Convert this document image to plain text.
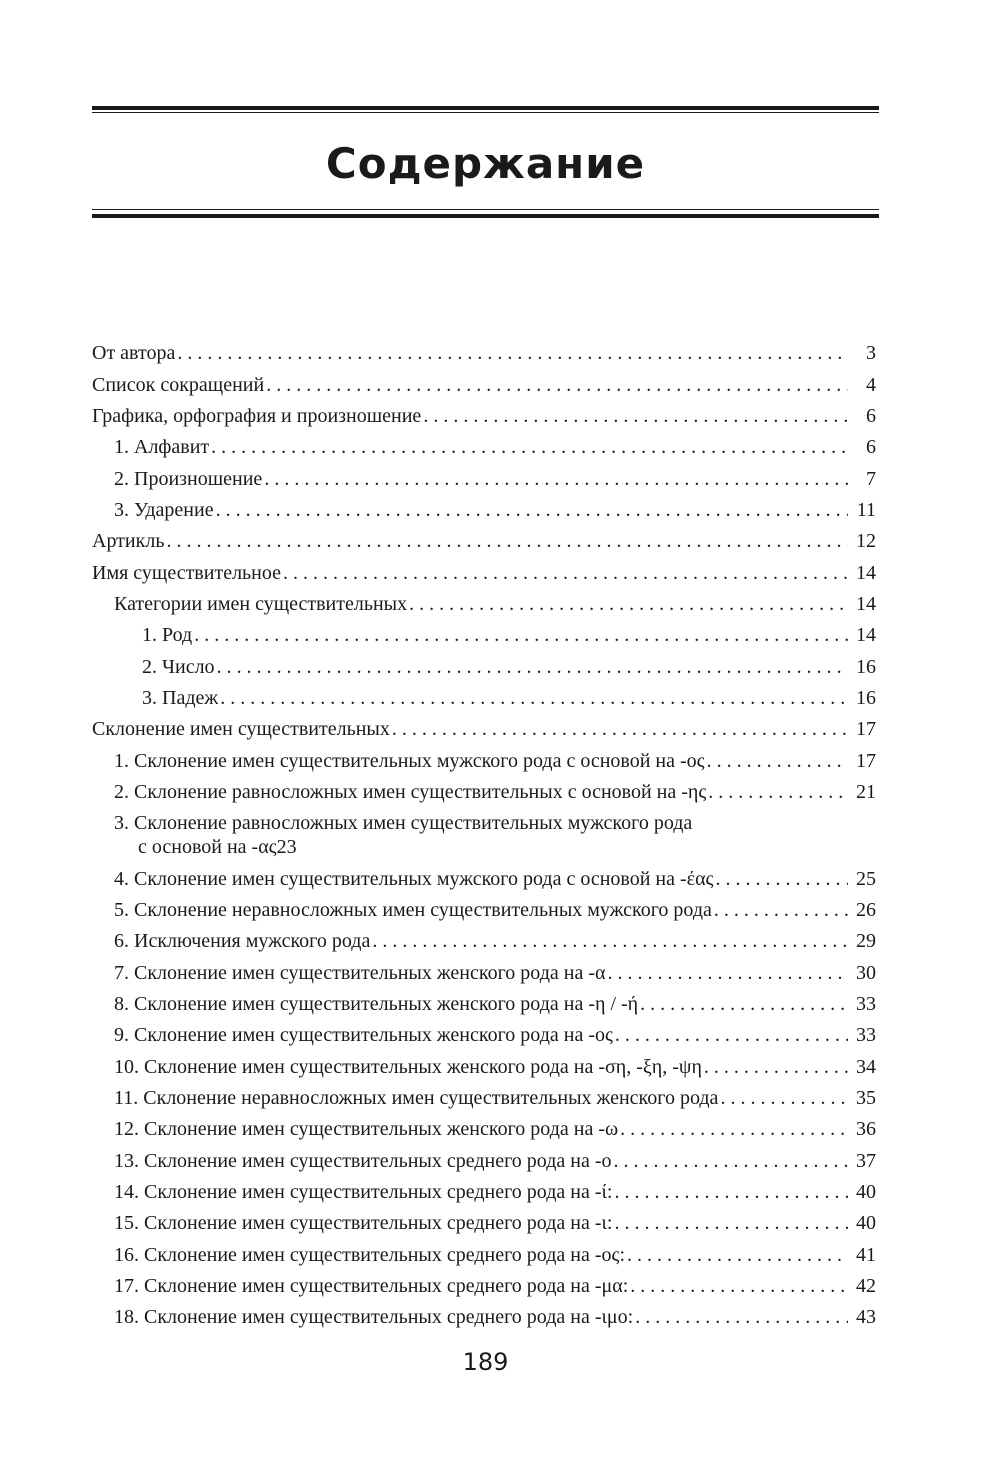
Содержание
От автора . . .	3
Список сокращений . . .	4
Графика, орфография и произношение . . .	6
1. Алфавит . . .	6
2. Произношение . . .	7
3. Ударение . . .	11
Артикль . . .	12
Имя существительное . . .	14
Категории имен существительных . . .	14
1. Род . . .	14
2. Число . . .	16
3. Падеж . . .	16
Склонение имен существительных . . .	17
1. Склонение имен существительных мужского рода с основой на -ος . . .	17
2. Склонение равносложных имен существительных с основой на -ης . . .	21
3. Склонение равносложных имен существительных мужского рода
с основой на -ας 23
4. Склонение имен существительных мужского рода с основой на -έας . . .	25
5. Склонение неравносложных имен существительных мужского рода . . .	26
6. Исключения мужского рода . . .	29
7. Склонение имен существительных женского рода на -α . . .	30
8. Склонение имен существительных женского рода на -η / -ή . . .	33
9. Склонение имен существительных женского рода на -ος . . .	33
10. Склонение имен существительных женского рода на -ση, -ξη, -ψη . . .	34
11. Склонение неравносложных имен существительных женского рода . . .	35
12. Склонение имен существительных женского рода на -ω . . .	36
13. Склонение имен существительных среднего рода на -ο . . .	37
14. Склонение имен существительных среднего рода на -ί: . . .	40
15. Склонение имен существительных среднего рода на -ι: . . .	40
16. Склонение имен существительных среднего рода на -ος: . . .	41
17. Склонение имен существительных среднего рода на -μα: . . .	42
18. Склонение имен существительных среднего рода на -ιμο: . . .	43
189
